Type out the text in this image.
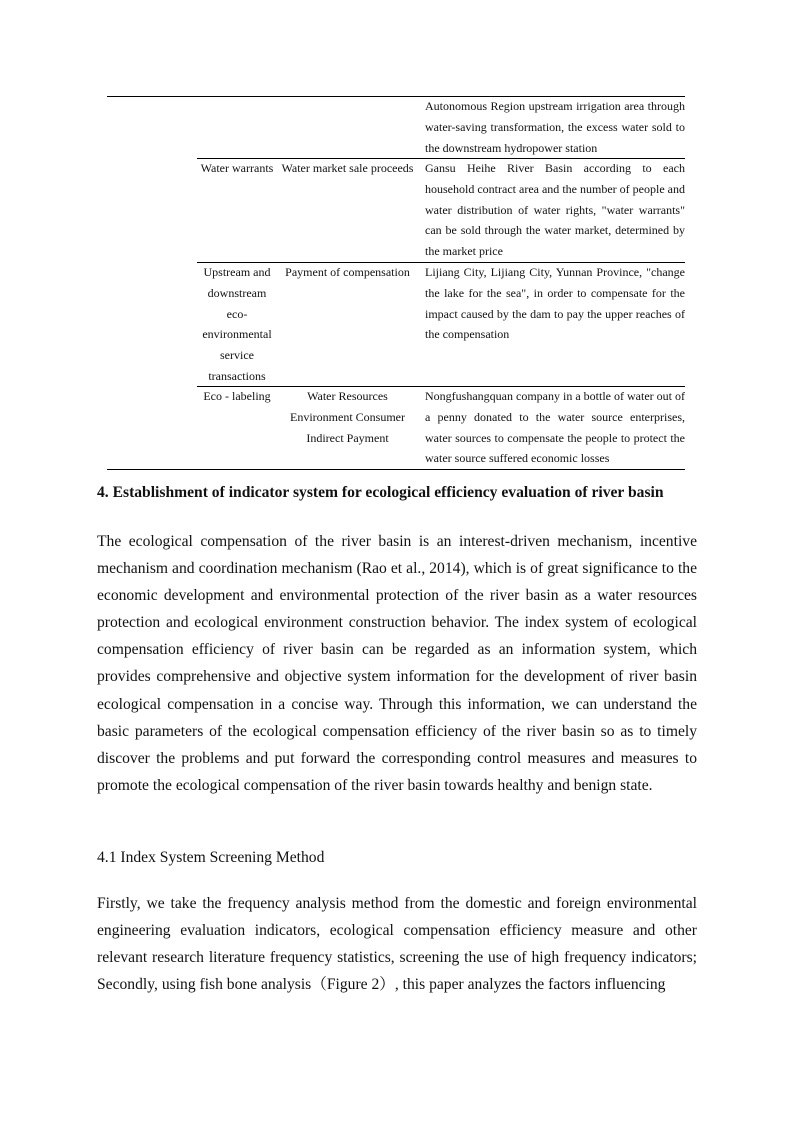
Autonomous Region upstream irrigation area through water-saving transformation, the excess water sold to the downstream hydropower station
Water warrants Water market sale proceeds Gansu Heihe River Basin according to each household contract area and the number of people and water distribution of water rights, "water warrants" can be sold through the water market, determined by the market price
Upstream and downstream eco-environmental service transactions
Payment of compensation	Lijiang City, Lijiang City, Yunnan Province, "change the lake for the sea", in order to compensate for the impact caused by the dam to pay the upper reaches of the compensation
Eco - labeling	Water Resources Environment Consumer Indirect Payment
Nongfushangquan company in a bottle of water out of a penny donated to the water source enterprises, water sources to compensate the people to protect the water source suffered economic losses
4. Establishment of indicator system for ecological efficiency evaluation of river basin
The ecological compensation of the river basin is an interest-driven mechanism, incentive mechanism and coordination mechanism (Rao et al., 2014), which is of great significance to the economic development and environmental protection of the river basin as a water resources protection and ecological environment construction behavior. The index system of ecological compensation efficiency of river basin can be regarded as an information system, which provides comprehensive and objective system information for the development of river basin ecological compensation in a concise way. Through this information, we can understand the basic parameters of the ecological compensation efficiency of the river basin so as to timely discover the problems and put forward the corresponding control measures and measures to promote the ecological compensation of the river basin towards healthy and benign state.
4.1 Index System Screening Method
Firstly, we take the frequency analysis method from the domestic and foreign environmental engineering evaluation indicators, ecological compensation efficiency measure and other relevant research literature frequency statistics, screening the use of high frequency indicators; Secondly, using fish bone analysis（Figure 2）, this paper analyzes the factors influencing
